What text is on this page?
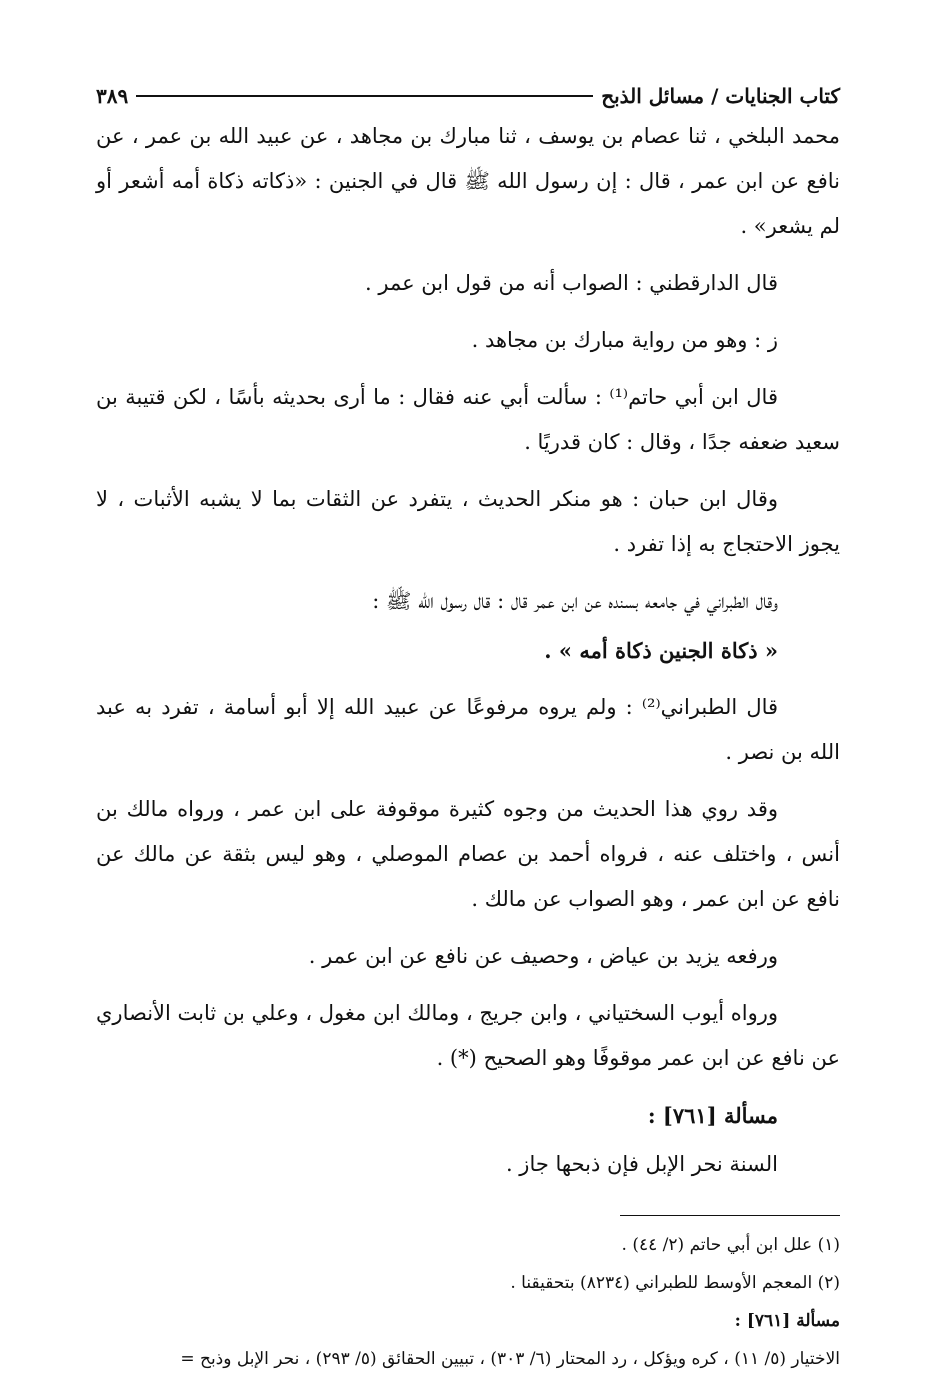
كتاب الجنايات / مسائل الذبح
٣٨٩

محمد البلخي ، ثنا عصام بن يوسف ، ثنا مبارك بن مجاهد ، عن عبيد الله بن عمر ، عن نافع عن ابن عمر ، قال : إن رسول الله ﷺ قال في الجنين : «ذكاته ذكاة أمه أشعر أو لم يشعر» .

قال الدارقطني : الصواب أنه من قول ابن عمر .

ز : وهو من رواية مبارك بن مجاهد .

قال ابن أبي حاتم⁽¹⁾ : سألت أبي عنه فقال : ما أرى بحديثه بأسًا ، لكن قتيبة بن سعيد ضعفه جدًا ، وقال : كان قدريًا .

وقال ابن حبان : هو منكر الحديث ، يتفرد عن الثقات بما لا يشبه الأثبات ، لا يجوز الاحتجاج به إذا تفرد .

وقال الطبراني في جامعه بسنده عن ابن عمر قال : قال رسول الله ﷺ :

« ذكاة الجنين ذكاة أمه » .

قال الطبراني⁽²⁾ : ولم يروه مرفوعًا عن عبيد الله إلا أبو أسامة ، تفرد به عبد الله بن نصر .

وقد روي هذا الحديث من وجوه كثيرة موقوفة على ابن عمر ، ورواه مالك بن أنس ، واختلف عنه ، فرواه أحمد بن عصام الموصلي ، وهو ليس بثقة عن مالك عن نافع عن ابن عمر ، وهو الصواب عن مالك .

ورفعه يزيد بن عياض ، وحصيف عن نافع عن ابن عمر .

ورواه أيوب السختياني ، وابن جريج ، ومالك ابن مغول ، وعلي بن ثابت الأنصاري عن نافع عن ابن عمر موقوفًا وهو الصحيح (*) .

مسألة [٧٦١] :

السنة نحر الإبل فإن ذبحها جاز .

(١) علل ابن أبي حاتم (٢/ ٤٤) .

(٢) المعجم الأوسط للطبراني (٨٢٣٤) بتحقيقنا .

مسألة [٧٦١] :

الاختيار (٥/ ١١) ، كره ويؤكل ، رد المحتار (٦/ ٣٠٣) ، تبيين الحقائق (٥/ ٢٩٣) ، نحر الإبل وذبح =
